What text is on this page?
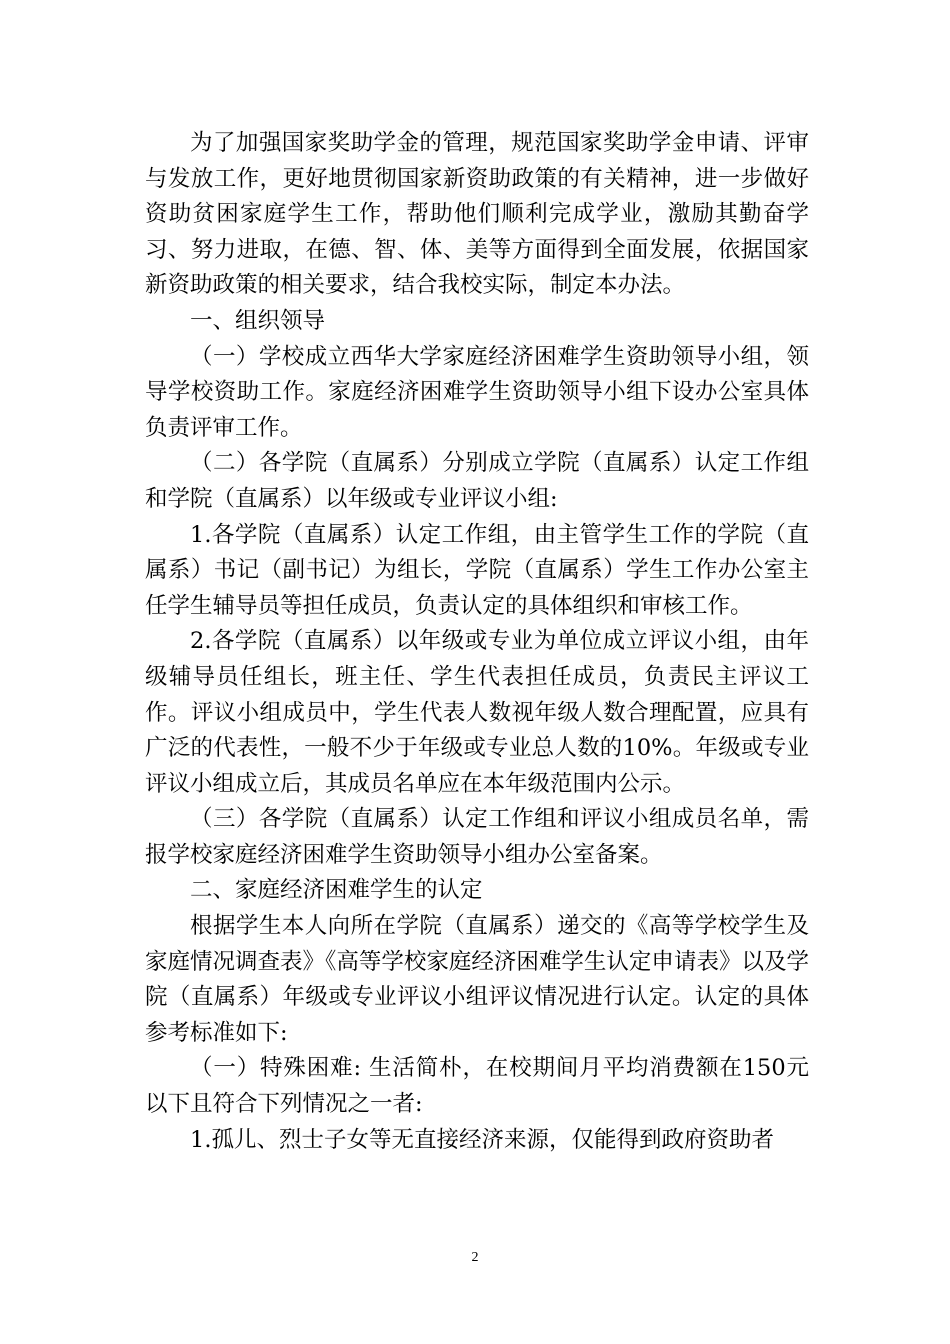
为了加强国家奖助学金的管理，规范国家奖助学金申请、评审与发放工作，更好地贯彻国家新资助政策的有关精神，进一步做好资助贫困家庭学生工作，帮助他们顺利完成学业，激励其勤奋学习、努力进取，在德、智、体、美等方面得到全面发展，依据国家新资助政策的相关要求，结合我校实际，制定本办法。

一、组织领导

（一）学校成立西华大学家庭经济困难学生资助领导小组，领导学校资助工作。家庭经济困难学生资助领导小组下设办公室具体负责评审工作。

（二）各学院（直属系）分别成立学院（直属系）认定工作组和学院（直属系）以年级或专业评议小组:

1.各学院（直属系）认定工作组，由主管学生工作的学院（直属系）书记（副书记）为组长，学院（直属系）学生工作办公室主任学生辅导员等担任成员，负责认定的具体组织和审核工作。

2.各学院（直属系）以年级或专业为单位成立评议小组，由年级辅导员任组长，班主任、学生代表担任成员，负责民主评议工作。评议小组成员中，学生代表人数视年级人数合理配置，应具有广泛的代表性，一般不少于年级或专业总人数的10%。年级或专业评议小组成立后，其成员名单应在本年级范围内公示。

（三）各学院（直属系）认定工作组和评议小组成员名单，需报学校家庭经济困难学生资助领导小组办公室备案。

二、家庭经济困难学生的认定

根据学生本人向所在学院（直属系）递交的《高等学校学生及家庭情况调查表》《高等学校家庭经济困难学生认定申请表》以及学院（直属系）年级或专业评议小组评议情况进行认定。认定的具体参考标准如下:

（一）特殊困难: 生活简朴，在校期间月平均消费额在150元以下且符合下列情况之一者:

1.孤儿、烈士子女等无直接经济来源，仅能得到政府资助者

2
